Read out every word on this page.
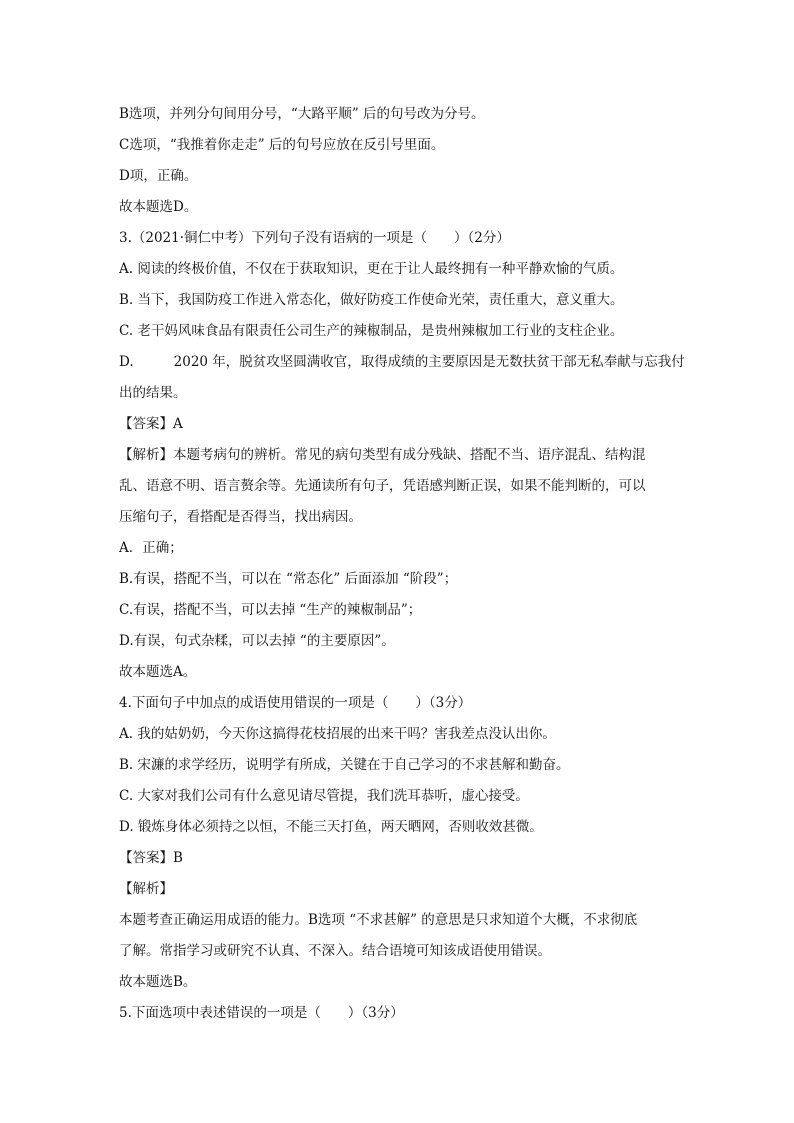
B选项，并列分句间用分号，“大路平顺” 后的句号改为分号。
C选项，“我推着你走走” 后的句号应放在反引号里面。
D项，正确。
故本题选D。
3.（2021·铜仁中考）下列句子没有语病的一项是（　　）（2分）
A. 阅读的终极价值，不仅在于获取知识，更在于让人最终拥有一种平静欢愉的气质。
B. 当下，我国防疫工作进入常态化，做好防疫工作使命光荣，责任重大，意义重大。
C. 老干妈风味食品有限责任公司生产的辣椒制品，是贵州辣椒加工行业的支柱企业。
D.	2020 年，脱贫攻坚圆满收官，取得成绩的主要原因是无数扶贫干部无私奉献与忘我付
出的结果。
【答案】A
【解析】本题考病句的辨析。常见的病句类型有成分残缺、搭配不当、语序混乱、结构混
乱、语意不明、语言赘余等。先通读所有句子，凭语感判断正误，如果不能判断的，可以
压缩句子，看搭配是否得当，找出病因。
A．正确；
B.有误，搭配不当，可以在 “常态化” 后面添加 “阶段”；
C.有误，搭配不当，可以去掉 “生产的辣椒制品”；
D.有误，句式杂糅，可以去掉 “的主要原因”。
故本题选A。
4.下面句子中加点的成语使用错误的一项是（　　）（3分）
A. 我的姑奶奶，今天你这搞得花枝招展的出来干吗？害我差点没认出你。
B. 宋濂的求学经历，说明学有所成，关键在于自己学习的不求甚解和勤奋。
C. 大家对我们公司有什么意见请尽管提，我们洗耳恭听，虚心接受。
D. 锻炼身体必须持之以恒，不能三天打鱼，两天晒网，否则收效甚微。
【答案】B
【解析】
本题考查正确运用成语的能力。B选项 “不求甚解” 的意思是只求知道个大概，不求彻底
了解。常指学习或研究不认真、不深入。结合语境可知该成语使用错误。
故本题选B。
5.下面选项中表述错误的一项是（　　）（3分）
